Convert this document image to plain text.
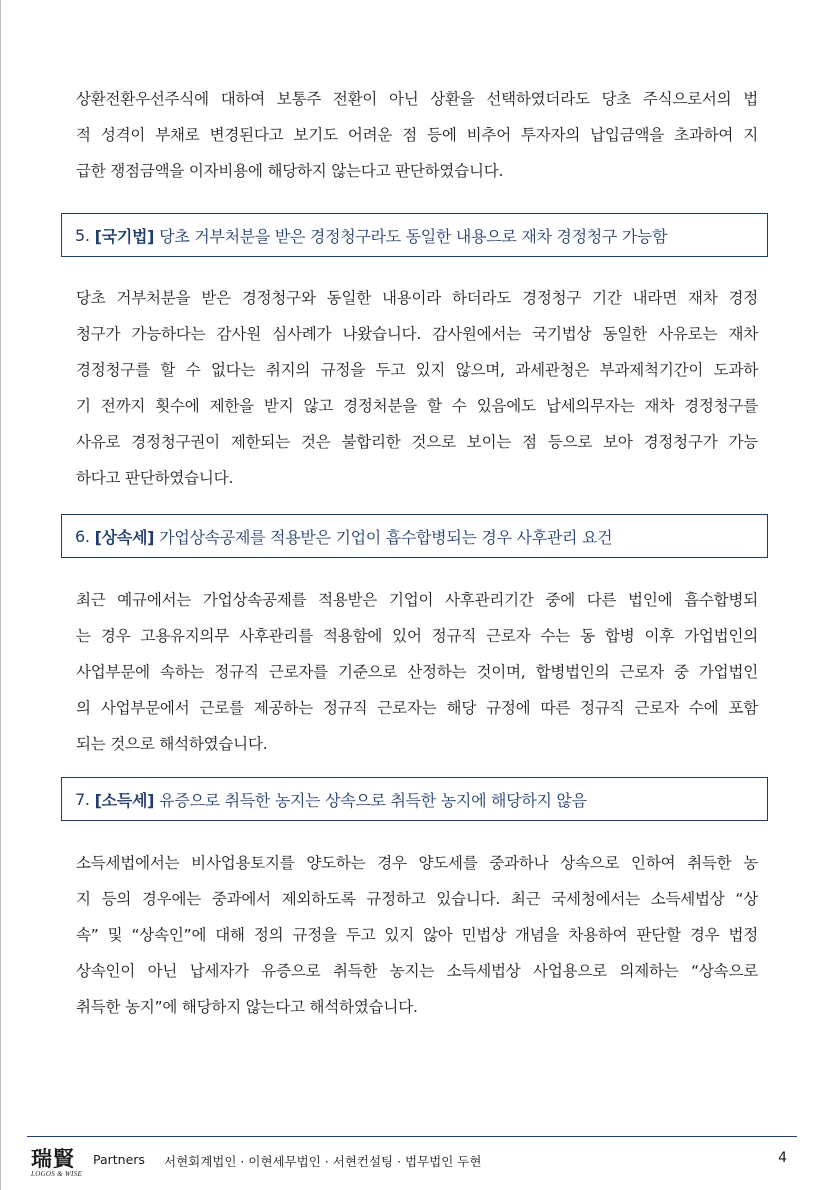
상환전환우선주식에 대하여 보통주 전환이 아닌 상환을 선택하였더라도 당초 주식으로서의 법
적 성격이 부채로 변경된다고 보기도 어려운 점 등에 비추어 투자자의 납입금액을 초과하여 지
급한 쟁점금액을 이자비용에 해당하지 않는다고 판단하였습니다.

5. [국기법] 당초 거부처분을 받은 경정청구라도 동일한 내용으로 재차 경정청구 가능함

당초 거부처분을 받은 경정청구와 동일한 내용이라 하더라도 경정청구 기간 내라면 재차 경정
청구가 가능하다는 감사원 심사례가 나왔습니다. 감사원에서는 국기법상 동일한 사유로는 재차
경정청구를 할 수 없다는 취지의 규정을 두고 있지 않으며, 과세관청은 부과제척기간이 도과하
기 전까지 횟수에 제한을 받지 않고 경정처분을 할 수 있음에도 납세의무자는 재차 경정청구를
사유로 경정청구권이 제한되는 것은 불합리한 것으로 보이는 점 등으로 보아 경정청구가 가능
하다고 판단하였습니다.

6. [상속세] 가업상속공제를 적용받은 기업이 흡수합병되는 경우 사후관리 요건

최근 예규에서는 가업상속공제를 적용받은 기업이 사후관리기간 중에 다른 법인에 흡수합병되
는 경우 고용유지의무 사후관리를 적용함에 있어 정규직 근로자 수는 동 합병 이후 가업법인의
사업부문에 속하는 정규직 근로자를 기준으로 산정하는 것이며, 합병법인의 근로자 중 가업법인
의 사업부문에서 근로를 제공하는 정규직 근로자는 해당 규정에 따른 정규직 근로자 수에 포함
되는 것으로 해석하였습니다.

7. [소득세] 유증으로 취득한 농지는 상속으로 취득한 농지에 해당하지 않음

소득세법에서는 비사업용토지를 양도하는 경우 양도세를 중과하나 상속으로 인하여 취득한 농
지 등의 경우에는 중과에서 제외하도록 규정하고 있습니다. 최근 국세청에서는 소득세법상 “상
속” 및 “상속인”에 대해 정의 규정을 두고 있지 않아 민법상 개념을 차용하여 판단할 경우 법정
상속인이 아닌 납세자가 유증으로 취득한 농지는 소득세법상 사업용으로 의제하는 “상속으로
취득한 농지”에 해당하지 않는다고 해석하였습니다.

瑞賢
LOGOS & WISE
Partners 서현회계법인 · 이현세무법인 · 서현컨설팅 · 법무법인 두현	4
